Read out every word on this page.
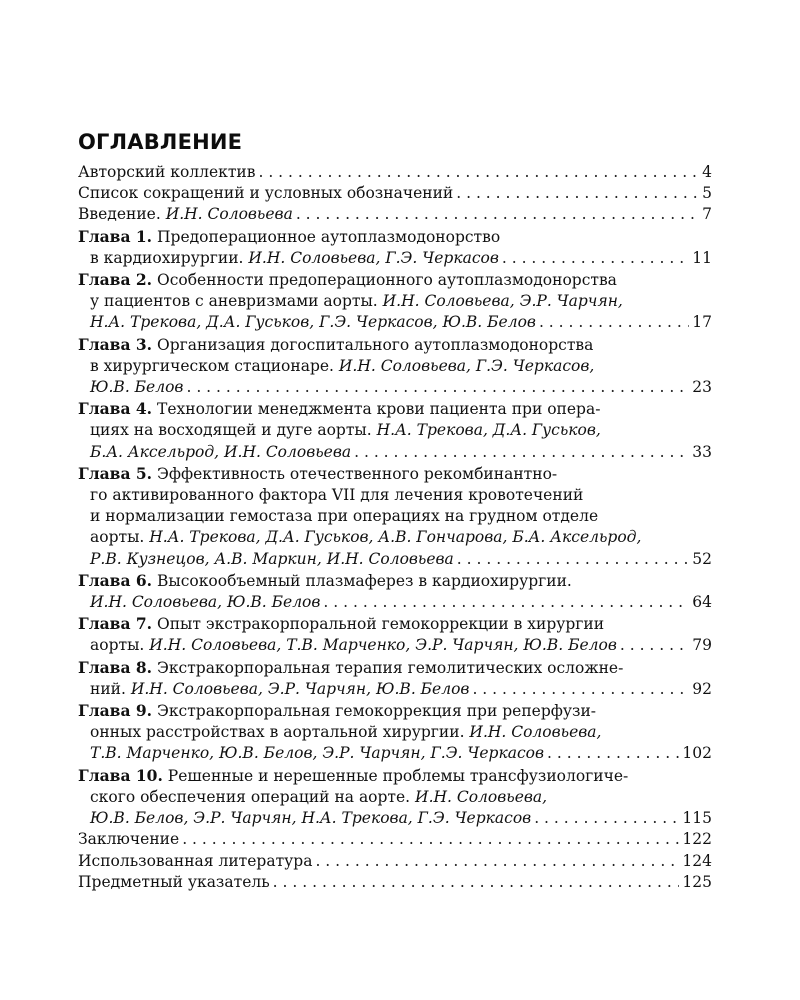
ОГЛАВЛЕНИЕ
Авторский коллектив . . .	4
Список сокращений и условных обозначений . . .	5
Введение. И.Н. Соловьева . . .	7
Глава 1. Предоперационное аутоплазмодонорство
в кардиохирургии. И.Н. Соловьева, Г.Э. Черкасов . . .	11
Глава 2. Особенности предоперационного аутоплазмодонорства
у пациентов с аневризмами аорты. И.Н. Соловьева, Э.Р. Чарчян,
Н.А. Трекова, Д.А. Гуськов, Г.Э. Черкасов, Ю.В. Белов . . .	17
Глава 3. Организация догоспитального аутоплазмодонорства
в хирургическом стационаре. И.Н. Соловьева, Г.Э. Черкасов,
Ю.В. Белов . . .	23
Глава 4. Технологии менеджмента крови пациента при опера-
циях на восходящей и дуге аорты. Н.А. Трекова, Д.А. Гуськов,
Б.А. Аксельрод, И.Н. Соловьева . . .	33
Глава 5. Эффективность отечественного рекомбинантно-
го активированного фактора VII для лечения кровотечений
и нормализации гемостаза при операциях на грудном отделе
аорты. Н.А. Трекова, Д.А. Гуськов, А.В. Гончарова, Б.А. Аксельрод,
Р.В. Кузнецов, А.В. Маркин, И.Н. Соловьева . . .	52
Глава 6. Высокообъемный плазмаферез в кардиохирургии.
И.Н. Соловьева, Ю.В. Белов . . .	64
Глава 7. Опыт экстракорпоральной гемокоррекции в хирургии
аорты. И.Н. Соловьева, Т.В. Марченко, Э.Р. Чарчян, Ю.В. Белов . . .	79
Глава 8. Экстракорпоральная терапия гемолитических осложне-
ний. И.Н. Соловьева, Э.Р. Чарчян, Ю.В. Белов . . .	92
Глава 9. Экстракорпоральная гемокоррекция при реперфузи-
онных расстройствах в аортальной хирургии. И.Н. Соловьева,
Т.В. Марченко, Ю.В. Белов, Э.Р. Чарчян, Г.Э. Черкасов . . .	102
Глава 10. Решенные и нерешенные проблемы трансфузиологиче-
ского обеспечения операций на аорте. И.Н. Соловьева,
Ю.В. Белов, Э.Р. Чарчян, Н.А. Трекова, Г.Э. Черкасов . . .	115
Заключение . . .	122
Использованная литература . . .	124
Предметный указатель . . .	125
